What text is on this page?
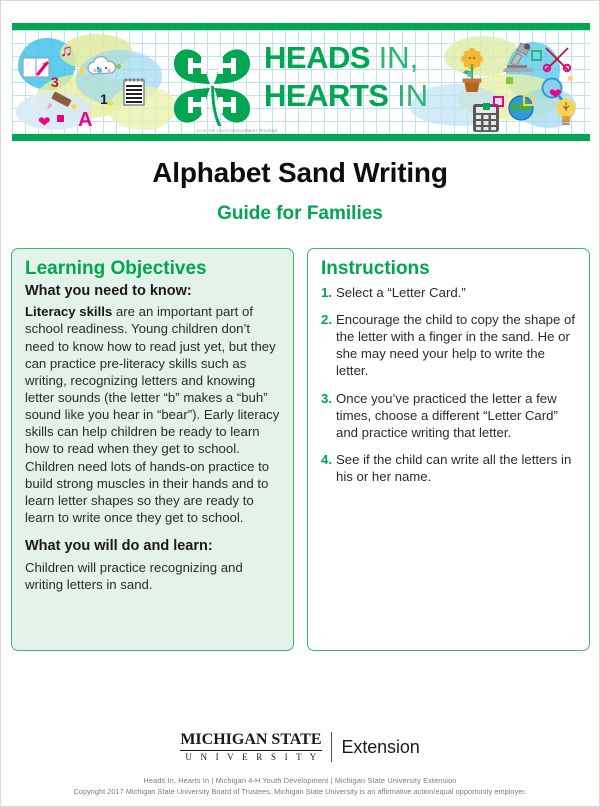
♫
3
1
A
❤
★
★
❤
4-H IS THE YOUTH DEVELOPMENT PROGRAM
HEADS IN,
HEARTS IN
Alphabet Sand Writing
Guide for Families
Learning Objectives
What you need to know:

Literacy skills are an important part of school readiness. Young children don’t need to know how to read just yet, but they can practice pre-literacy skills such as writing, recognizing letters and knowing letter sounds (the letter “b” makes a “buh” sound like you hear in “bear”). Early literacy skills can help children be ready to learn how to read when they get to school. Children need lots of hands-on practice to build strong muscles in their hands and to learn letter shapes so they are ready to learn to write once they get to school.

What you will do and learn:

Children will practice recognizing and writing letters in sand.

Instructions
1. Select a “Letter Card.”
2. Encourage the child to copy the shape of the letter with a finger in the sand. He or she may need your help to write the letter.
3. Once you’ve practiced the letter a few times, choose a different “Letter Card” and practice writing that letter.
4. See if the child can write all the letters in his or her name.
MICHIGAN STATE
U N I V E R S I T Y
Extension
Heads In, Hearts In | Michigan 4-H Youth Development | Michigan State University Extension
Copyright 2017 Michigan State University Board of Trustees. Michigan State University is an affirmative action/equal opportunity employer.
